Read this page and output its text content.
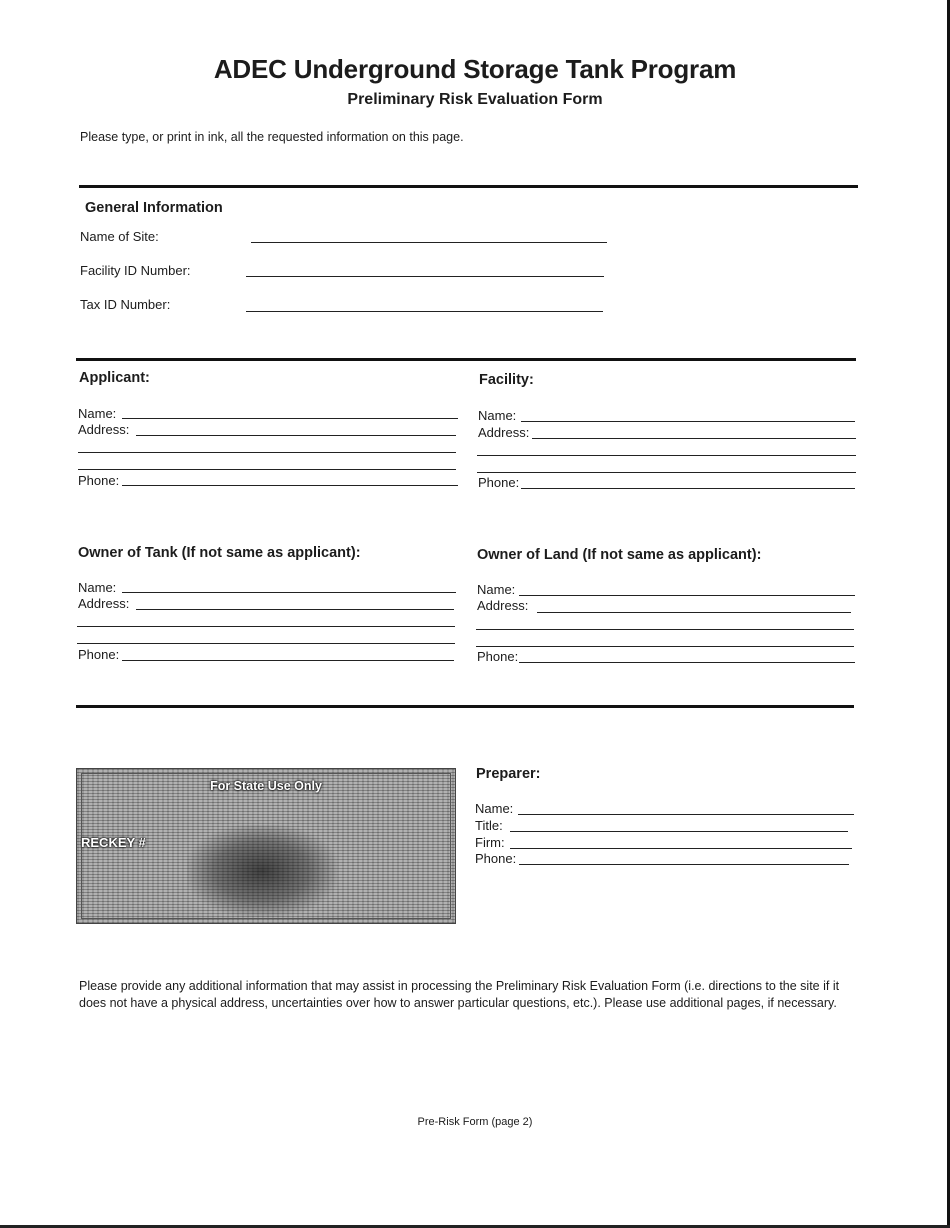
ADEC Underground Storage Tank Program
Preliminary Risk Evaluation Form
Please type, or print in ink, all the requested information on this page.
General Information
Name of Site:
Facility ID Number:
Tax ID Number:
Applicant:
Name:
Address:
Phone:
Facility:
Name:
Address:
Phone:
Owner of Tank (If not same as applicant):
Name:
Address:
Phone:
Owner of Land (If not same as applicant):
Name:
Address:
Phone:
For State Use Only
RECKEY #
Preparer:
Name:
Title:
Firm:
Phone:
Please provide any additional information that may assist in processing the Preliminary Risk Evaluation Form (i.e. directions to the site if it does not have a physical address, uncertainties over how to answer particular questions, etc.). Please use additional pages, if necessary.
Pre-Risk Form (page 2)
